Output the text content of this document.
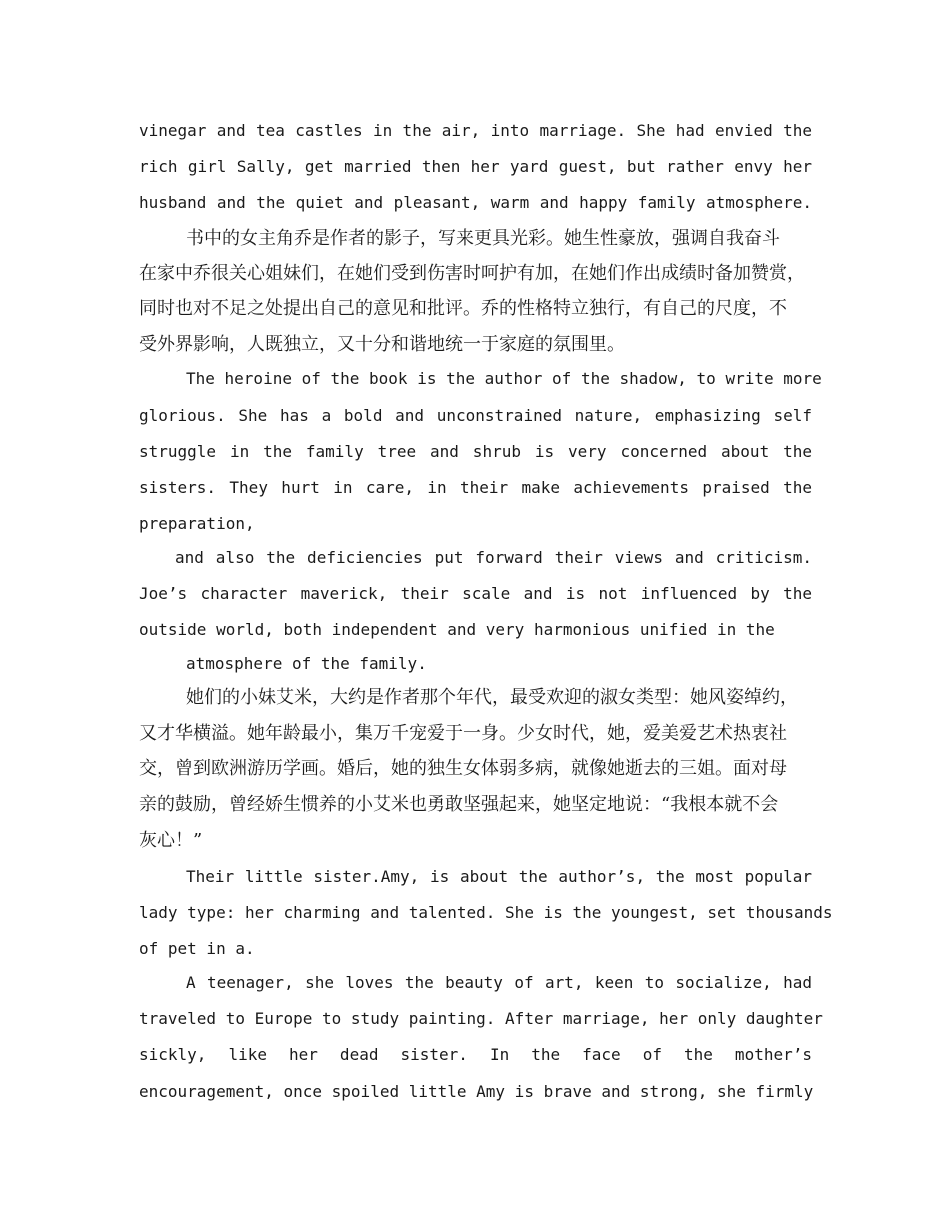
vinegar and tea castles in the air, into marriage. She had envied the
rich girl Sally, get married then her yard guest, but rather envy her
husband and the quiet and pleasant, warm and happy family atmosphere.
书中的女主角乔是作者的影子，写来更具光彩。她生性豪放，强调自我奋斗
在家中乔很关心姐妹们，在她们受到伤害时呵护有加，在她们作出成绩时备加赞赏，
同时也对不足之处提出自己的意见和批评。乔的性格特立独行，有自己的尺度，不
受外界影响，人既独立，又十分和谐地统一于家庭的氛围里。
The heroine of the book is the author of the shadow, to write more
glorious. She has a bold and unconstrained nature, emphasizing self
struggle in the family tree and shrub is very concerned about the
sisters. They hurt in care, in their make achievements praised the
preparation,
and also the deficiencies put forward their views and criticism.
Joe’s character maverick, their scale and is not influenced by the
outside world, both independent and very harmonious unified in the
atmosphere of the family.
她们的小妹艾米，大约是作者那个年代，最受欢迎的淑女类型：她风姿绰约，
又才华横溢。她年龄最小，集万千宠爱于一身。少女时代，她，爱美爱艺术热衷社
交，曾到欧洲游历学画。婚后，她的独生女体弱多病，就像她逝去的三姐。面对母
亲的鼓励，曾经娇生惯养的小艾米也勇敢坚强起来，她坚定地说：“我根本就不会
灰心！”
Their little sister.Amy, is about the author’s, the most popular
lady type: her charming and talented. She is the youngest, set thousands
of pet in a.
A teenager, she loves the beauty of art, keen to socialize, had
traveled to Europe to study painting. After marriage, her only daughter
sickly, like her dead sister. In the face of the mother’s
encouragement, once spoiled little Amy is brave and strong, she firmly
